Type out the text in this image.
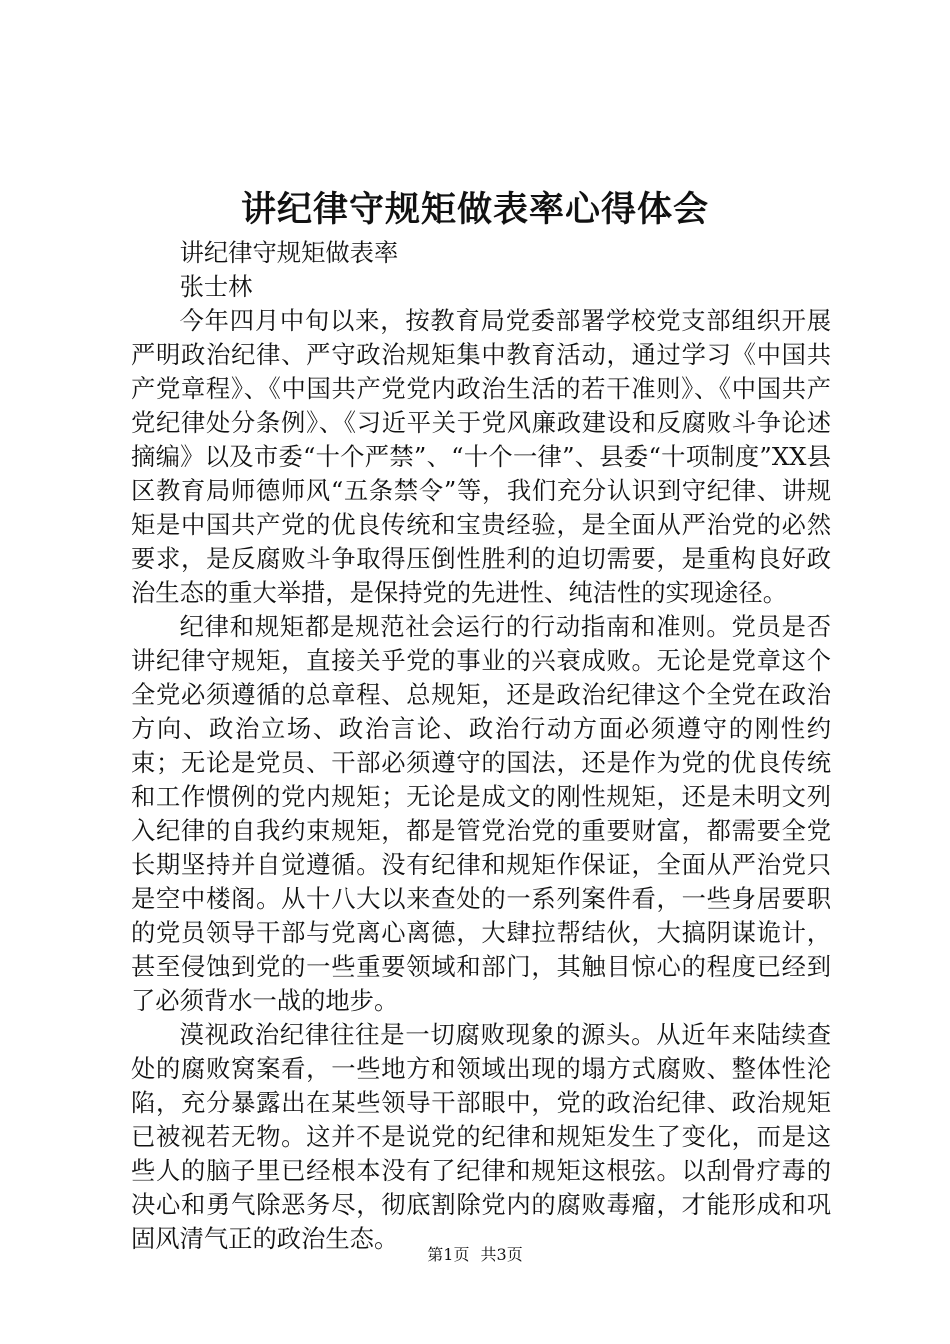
讲纪律守规矩做表率心得体会

讲纪律守规矩做表率

张士林

今年四月中旬以来，按教育局党委部署学校党支部组织开展严明政治纪律、严守政治规矩集中教育活动，通过学习《中国共产党章程》、《中国共产党党内政治生活的若干准则》、《中国共产党纪律处分条例》、《习近平关于党风廉政建设和反腐败斗争论述摘编》以及市委“十个严禁”、“十个一律”、县委“十项制度”XX县区教育局师德师风“五条禁令”等，我们充分认识到守纪律、讲规矩是中国共产党的优良传统和宝贵经验，是全面从严治党的必然要求，是反腐败斗争取得压倒性胜利的迫切需要，是重构良好政治生态的重大举措，是保持党的先进性、纯洁性的实现途径。

纪律和规矩都是规范社会运行的行动指南和准则。党员是否讲纪律守规矩，直接关乎党的事业的兴衰成败。无论是党章这个全党必须遵循的总章程、总规矩，还是政治纪律这个全党在政治方向、政治立场、政治言论、政治行动方面必须遵守的刚性约束；无论是党员、干部必须遵守的国法，还是作为党的优良传统和工作惯例的党内规矩；无论是成文的刚性规矩，还是未明文列入纪律的自我约束规矩，都是管党治党的重要财富，都需要全党长期坚持并自觉遵循。没有纪律和规矩作保证，全面从严治党只是空中楼阁。从十八大以来查处的一系列案件看，一些身居要职的党员领导干部与党离心离德，大肆拉帮结伙，大搞阴谋诡计，甚至侵蚀到党的一些重要领域和部门，其触目惊心的程度已经到了必须背水一战的地步。

漠视政治纪律往往是一切腐败现象的源头。从近年来陆续查处的腐败窝案看，一些地方和领域出现的塌方式腐败、整体性沦陷，充分暴露出在某些领导干部眼中，党的政治纪律、政治规矩已被视若无物。这并不是说党的纪律和规矩发生了变化，而是这些人的脑子里已经根本没有了纪律和规矩这根弦。以刮骨疗毒的决心和勇气除恶务尽，彻底割除党内的腐败毒瘤，才能形成和巩固风清气正的政治生态。

第1页 共3页
